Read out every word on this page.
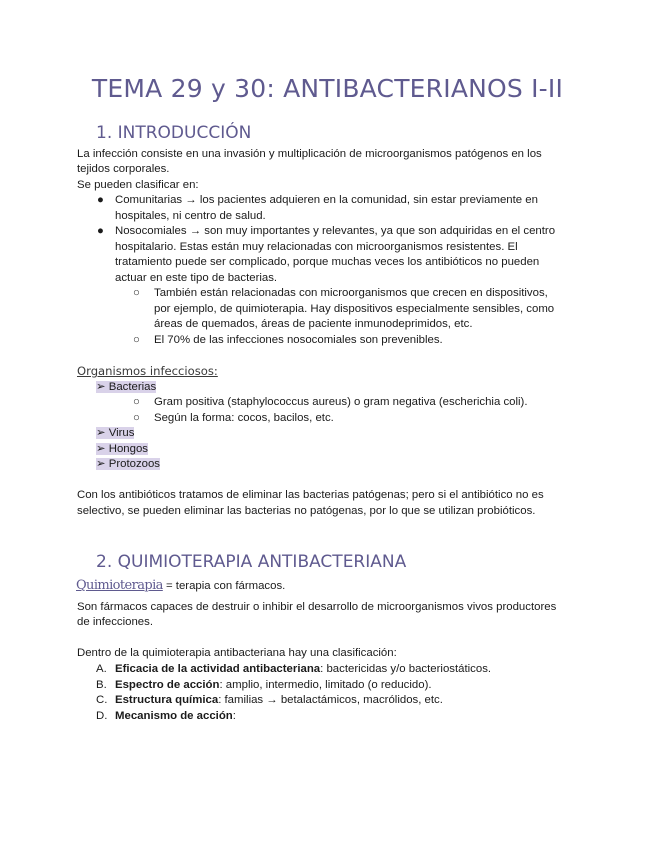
TEMA 29 y 30: ANTIBACTERIANOS I-II
1. INTRODUCCIÓN
La infección consiste en una invasión y multiplicación de microorganismos patógenos en los
tejidos corporales.
Se pueden clasificar en:
● Comunitarias → los pacientes adquieren en la comunidad, sin estar previamente en
hospitales, ni centro de salud.
● Nosocomiales → son muy importantes y relevantes, ya que son adquiridas en el centro
hospitalario. Estas están muy relacionadas con microorganismos resistentes. El
tratamiento puede ser complicado, porque muchas veces los antibióticos no pueden
actuar en este tipo de bacterias.
○ También están relacionadas con microorganismos que crecen en dispositivos,
por ejemplo, de quimioterapia. Hay dispositivos especialmente sensibles, como
áreas de quemados, áreas de paciente inmunodeprimidos, etc.
○ El 70% de las infecciones nosocomiales son prevenibles.
Organismos infecciosos:
➢ Bacterias
○ Gram positiva (staphylococcus aureus) o gram negativa (escherichia coli).
○ Según la forma: cocos, bacilos, etc.
➢ Virus
➢ Hongos
➢ Protozoos
Con los antibióticos tratamos de eliminar las bacterias patógenas; pero si el antibiótico no es
selectivo, se pueden eliminar las bacterias no patógenas, por lo que se utilizan probióticos.
2. QUIMIOTERAPIA ANTIBACTERIANA
Quimioterapia = terapia con fármacos.
Son fármacos capaces de destruir o inhibir el desarrollo de microorganismos vivos productores
de infecciones.
Dentro de la quimioterapia antibacteriana hay una clasificación:
A. Eficacia de la actividad antibacteriana: bactericidas y/o bacteriostáticos.
B. Espectro de acción: amplio, intermedio, limitado (o reducido).
C. Estructura química: familias → betalactámicos, macrólidos, etc.
D. Mecanismo de acción:
